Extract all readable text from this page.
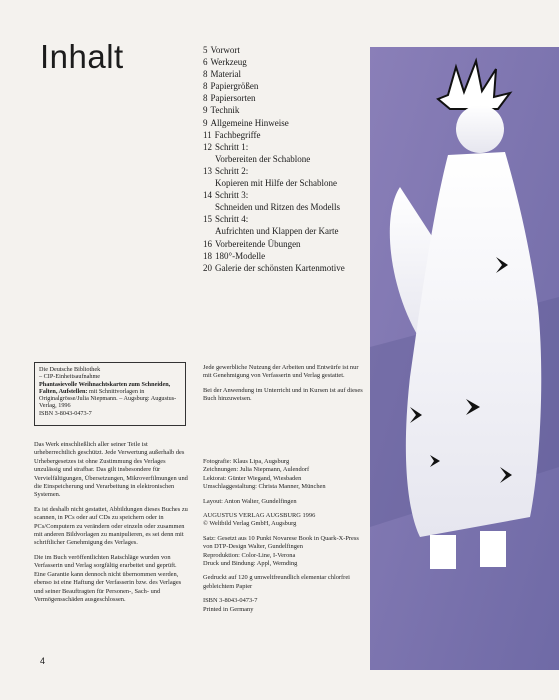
Inhalt	5 Vorwort
6 Werkzeug
8 Material
8 Papiergrößen
8 Papiersorten
9 Technik
9 Allgemeine Hinweise
11 Fachbegriffe
12 Schritt 1:
Vorbereiten der Schablone
13 Schritt 2:
Kopieren mit Hilfe der Schablone
14 Schritt 3:
Schneiden und Ritzen des Modells
15 Schritt 4:
Aufrichten und Klappen der Karte
16 Vorbereitende Übungen
18 180°-Modelle
20 Galerie der schönsten Kartenmotive
Die Deutsche Bibliothek
– CIP-Einheitsaufnahme
Phantasievolle Weihnachtskarten zum Schneiden, Falten, Aufstellen: mit Schnittvorlagen in Originalgrösse/Julia Niepmann. – Augsburg: Augustus-Verlag, 1996
ISBN 3-8043-0473-7

Jede gewerbliche Nutzung der Arbeiten und Entwürfe ist nur mit Genehmigung von Verfasserin und Verlag gestattet.

Bei der Anwendung im Unterricht und in Kursen ist auf dieses Buch hinzuweisen.

Das Werk einschließlich aller seiner Teile ist urheberrechtlich geschützt. Jede Verwertung außerhalb des Urhebergesetzes ist ohne Zustimmung des Verlages unzulässig und strafbar. Das gilt insbesondere für Vervielfältigungen, Übersetzungen, Mikroverfilmungen und die Einspeicherung und Verarbeitung in elektronischen Systemen.

Es ist deshalb nicht gestattet, Abbildungen dieses Buches zu scannen, in PCs oder auf CDs zu speichern oder in PCs/Computern zu verändern oder einzeln oder zusammen mit anderen Bildvorlagen zu manipulieren, es sei denn mit schriftlicher Genehmigung des Verlages.

Die im Buch veröffentlichten Ratschläge wurden von Verfasserin und Verlag sorgfältig erarbeitet und geprüft. Eine Garantie kann dennoch nicht übernommen werden, ebenso ist eine Haftung der Verfasserin bzw. des Verlages und seiner Beauftragten für Personen-, Sach- und Vermögensschäden ausgeschlossen.

Fotografie: Klaus Lipa, Augsburg
Zeichnungen: Julia Niepmann, Aulendorf
Lektorat: Günter Wiegand, Wiesbaden
Umschlaggestaltung: Christa Manner, München

Layout: Anton Walter, Gundelfingen

AUGUSTUS VERLAG AUGSBURG 1996
© Weltbild Verlag GmbH, Augsburg

Satz: Gesetzt aus 10 Punkt Novarese Book in Quark-X-Press von DTP-Design Walter, Gundelfingen
Reproduktion: Color-Line, I-Verona
Druck und Bindung: Appl, Wemding

Gedruckt auf 120 g umweltfreundlich elementar chlorfrei gebleichtem Papier

ISBN 3-8043-0473-7
Printed in Germany

4
